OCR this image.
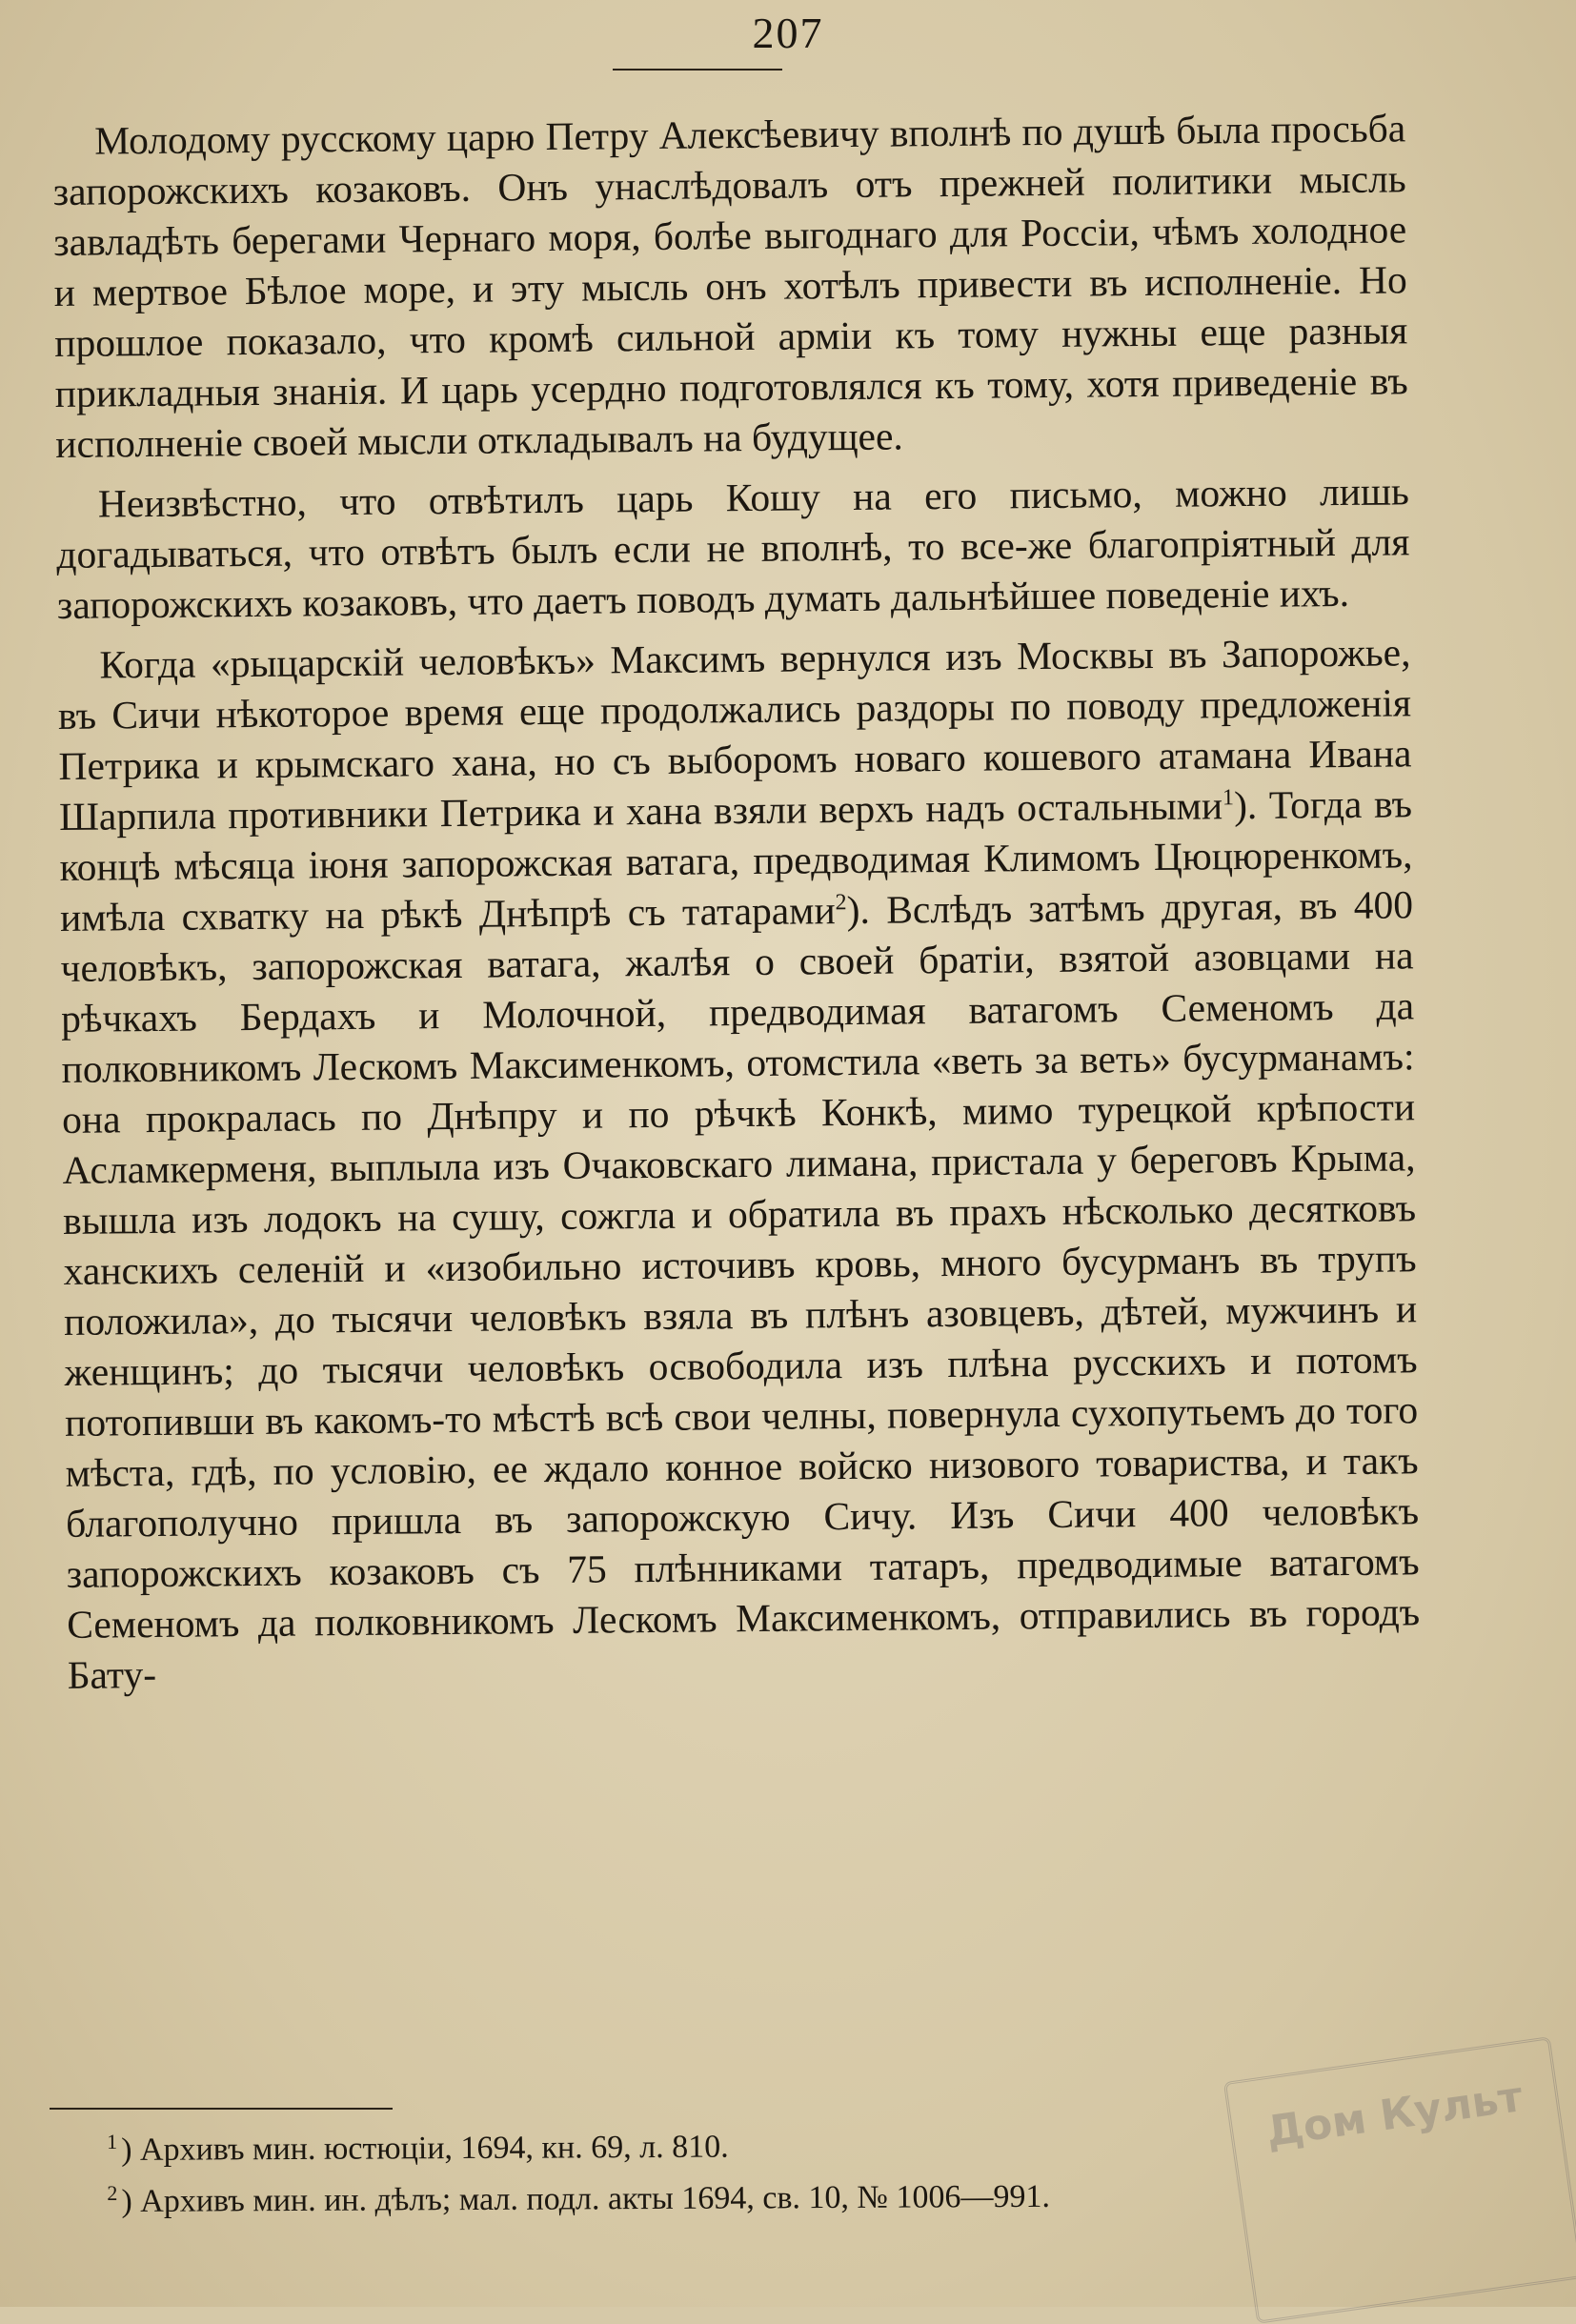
207

Молодому русскому царю Петру Алексѣевичу вполнѣ по душѣ была просьба запорожскихъ козаковъ. Онъ унаслѣдовалъ отъ прежней политики мысль завладѣть берегами Чернаго моря, болѣе выгоднаго для Россіи, чѣмъ холодное и мертвое Бѣлое море, и эту мысль онъ хотѣлъ привести въ исполненіе. Но прошлое показало, что кромѣ сильной арміи къ тому нужны еще разныя прикладныя знанія. И царь усердно подготовлялся къ тому, хотя приведеніе въ исполненіе своей мысли откладывалъ на будущее.

Неизвѣстно, что отвѣтилъ царь Кошу на его письмо, можно лишь догадываться, что отвѣтъ былъ если не вполнѣ, то все-же благопріятный для запорожскихъ козаковъ, что даетъ поводъ думать дальнѣйшее поведеніе ихъ.

Когда «рыцарскій человѣкъ» Максимъ вернулся изъ Москвы въ Запорожье, въ Сичи нѣкоторое время еще продолжались раздоры по поводу предложенія Петрика и крымскаго хана, но съ выборомъ новаго кошевого атамана Ивана Шарпила противники Петрика и хана взяли верхъ надъ остальными$^1$). Тогда въ концѣ мѣсяца іюня запорожская ватага, предводимая Климомъ Цюцюренкомъ, имѣла схватку на рѣкѣ Днѣпрѣ съ татарами$^2$). Вслѣдъ затѣмъ другая, въ 400 человѣкъ, запорожская ватага, жалѣя о своей братіи, взятой азовцами на рѣчкахъ Бердахъ и Молочной, предводимая ватагомъ Семеномъ да полковникомъ Лескомъ Максименкомъ, отомстила «веть за веть» бусурманамъ: она прокралась по Днѣпру и по рѣчкѣ Конкѣ, мимо турецкой крѣпости Асламкерменя, выплыла изъ Очаковскаго лимана, пристала у береговъ Крыма, вышла изъ лодокъ на сушу, сожгла и обратила въ прахъ нѣсколько десятковъ ханскихъ селеній и «изобильно источивъ кровь, много бусурманъ въ трупъ положила», до тысячи человѣкъ взяла въ плѣнъ азовцевъ, дѣтей, мужчинъ и женщинъ; до тысячи человѣкъ освободила изъ плѣна русскихъ и потомъ потопивши въ какомъ-то мѣстѣ всѣ свои челны, повернула сухопутьемъ до того мѣста, гдѣ, по условію, ее ждало конное войско низового товариства, и такъ благополучно пришла въ запорожскую Сичу. Изъ Сичи 400 человѣкъ запорожскихъ козаковъ съ 75 плѣнниками татаръ, предводимые ватагомъ Семеномъ да полковникомъ Лескомъ Максименкомъ, отправились въ городъ Бату-

$^1$ ) Архивъ мин. юстюціи, 1694, кн. 69, л. 810.

$^2$ ) Архивъ мин. ин. дѣлъ; мал. подл. акты 1694, св. 10, № 1006—991.

Дом Культ
